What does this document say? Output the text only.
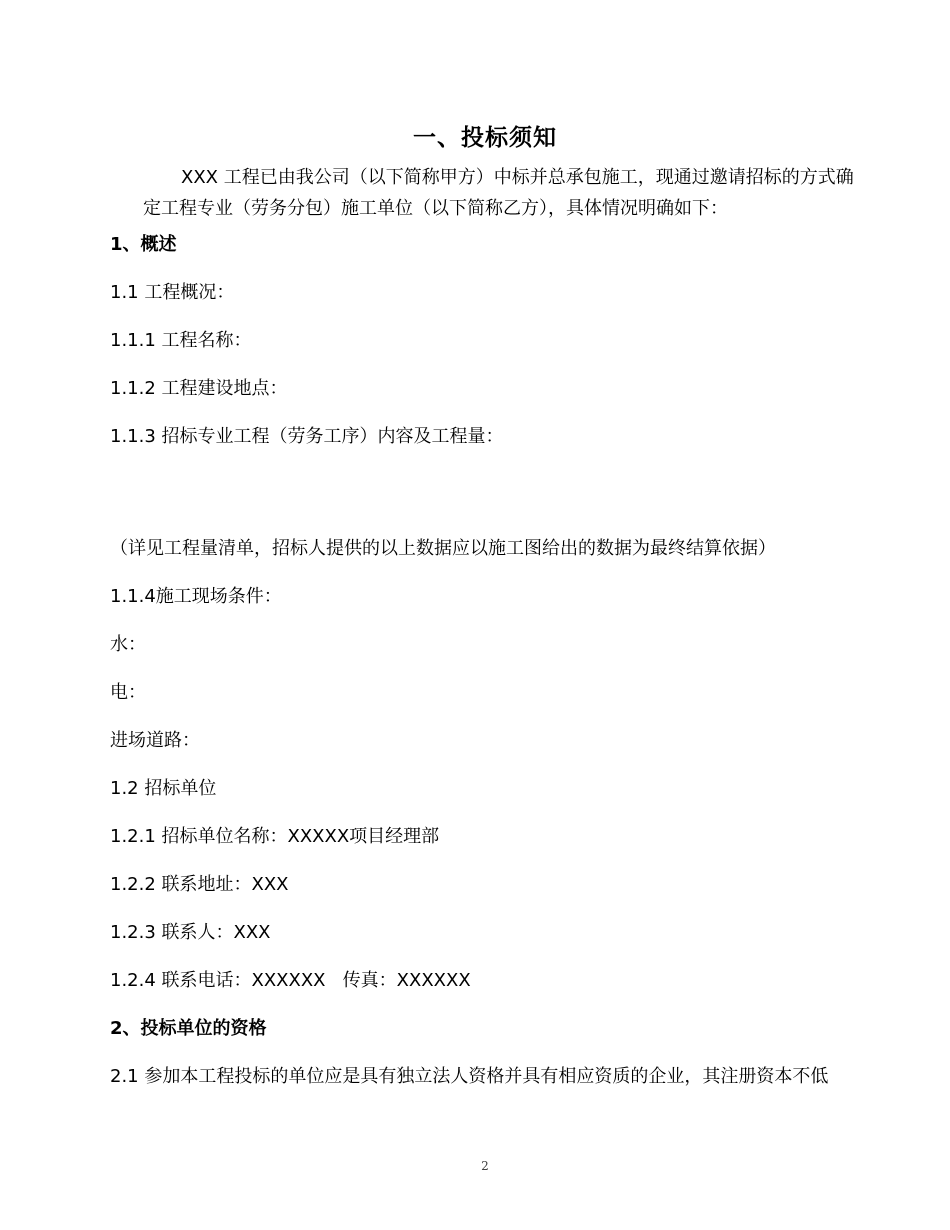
一、投标须知
XXX 工程已由我公司（以下简称甲方）中标并总承包施工，现通过邀请招标的方式确定工程专业（劳务分包）施工单位（以下简称乙方），具体情况明确如下：
1、概述
1.1 工程概况：
1.1.1 工程名称：
1.1.2 工程建设地点：
1.1.3 招标专业工程（劳务工序）内容及工程量：
（详见工程量清单，招标人提供的以上数据应以施工图给出的数据为最终结算依据）
1.1.4施工现场条件：
水：
电：
进场道路：
1.2 招标单位
1.2.1 招标单位名称：XXXXX项目经理部
1.2.2 联系地址：XXX
1.2.3 联系人：XXX
1.2.4 联系电话：XXXXXX   传真：XXXXXX
2、投标单位的资格
2.1 参加本工程投标的单位应是具有独立法人资格并具有相应资质的企业，其注册资本不低
2
